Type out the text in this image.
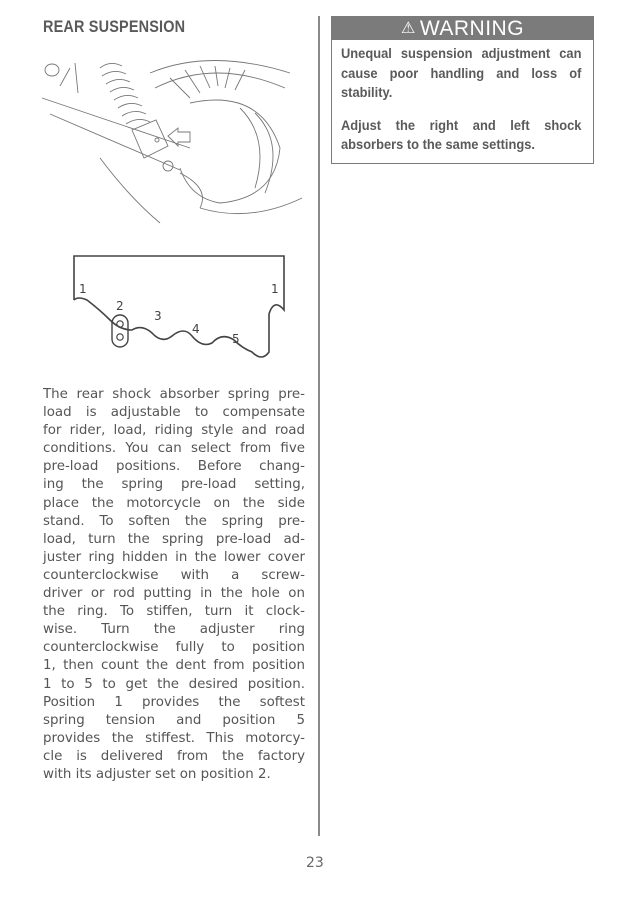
REAR SUSPENSION
1
2
3
4
5
1
The rear shock absorber spring pre-
load is adjustable to compensate
for rider, load, riding style and road
conditions. You can select from five
pre-load positions. Before chang-
ing the spring pre-load setting,
place the motorcycle on the side
stand. To soften the spring pre-
load, turn the spring pre-load ad-
juster ring hidden in the lower cover
counterclockwise with a screw-
driver or rod putting in the hole on
the ring. To stiffen, turn it clock-
wise. Turn the adjuster ring
counterclockwise fully to position
1, then count the dent from position
1 to 5 to get the desired position.
Position 1 provides the softest
spring tension and position 5
provides the stiffest. This motorcy-
cle is delivered from the factory
with its adjuster set on position 2.
⚠ WARNING

Unequal suspension adjustment can
cause poor handling and loss of
stability.

Adjust the right and left shock
absorbers to the same settings.

23
